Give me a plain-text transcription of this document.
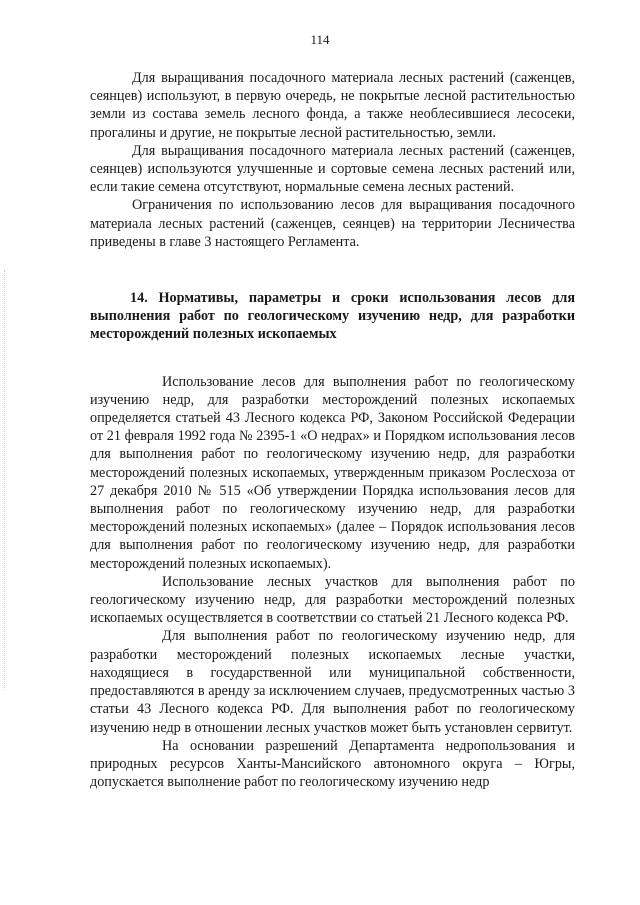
114

Для выращивания посадочного материала лесных растений (саженцев, сеянцев) используют, в первую очередь, не покрытые лесной растительностью земли из состава земель лесного фонда, а также необлесившиеся лесосеки, прогалины и другие, не покрытые лесной растительностью, земли.

Для выращивания посадочного материала лесных растений (саженцев, сеянцев) используются улучшенные и сортовые семена лесных растений или, если такие семена отсутствуют, нормальные семена лесных растений.

Ограничения по использованию лесов для выращивания посадочного материала лесных растений (саженцев, сеянцев) на территории Лесничества приведены в главе 3 настоящего Регламента.

14. Нормативы, параметры и сроки использования лесов для выполнения работ по геологическому изучению недр, для разработки месторождений полезных ископаемых

Использование лесов для выполнения работ по геологическому изучению недр, для разработки месторождений полезных ископаемых определяется статьей 43 Лесного кодекса РФ, Законом Российской Федерации от 21 февраля 1992 года № 2395-1 «О недрах» и Порядком использования лесов для выполнения работ по геологическому изучению недр, для разработки месторождений полезных ископаемых, утвержденным приказом Рослесхоза от 27 декабря 2010 № 515 «Об утверждении Порядка использования лесов для выполнения работ по геологическому изучению недр, для разработки месторождений полезных ископаемых» (далее – Порядок использования лесов для выполнения работ по геологическому изучению недр, для разработки месторождений полезных ископаемых).

Использование лесных участков для выполнения работ по геологическому изучению недр, для разработки месторождений полезных ископаемых осуществляется в соответствии со статьей 21 Лесного кодекса РФ.

Для выполнения работ по геологическому изучению недр, для разработки месторождений полезных ископаемых лесные участки, находящиеся в государственной или муниципальной собственности, предоставляются в аренду за исключением случаев, предусмотренных частью 3 статьи 43 Лесного кодекса РФ. Для выполнения работ по геологическому изучению недр в отношении лесных участков может быть установлен сервитут.

На основании разрешений Департамента недропользования и природных ресурсов Ханты-Мансийского автономного округа – Югры, допускается выполнение работ по геологическому изучению недр
